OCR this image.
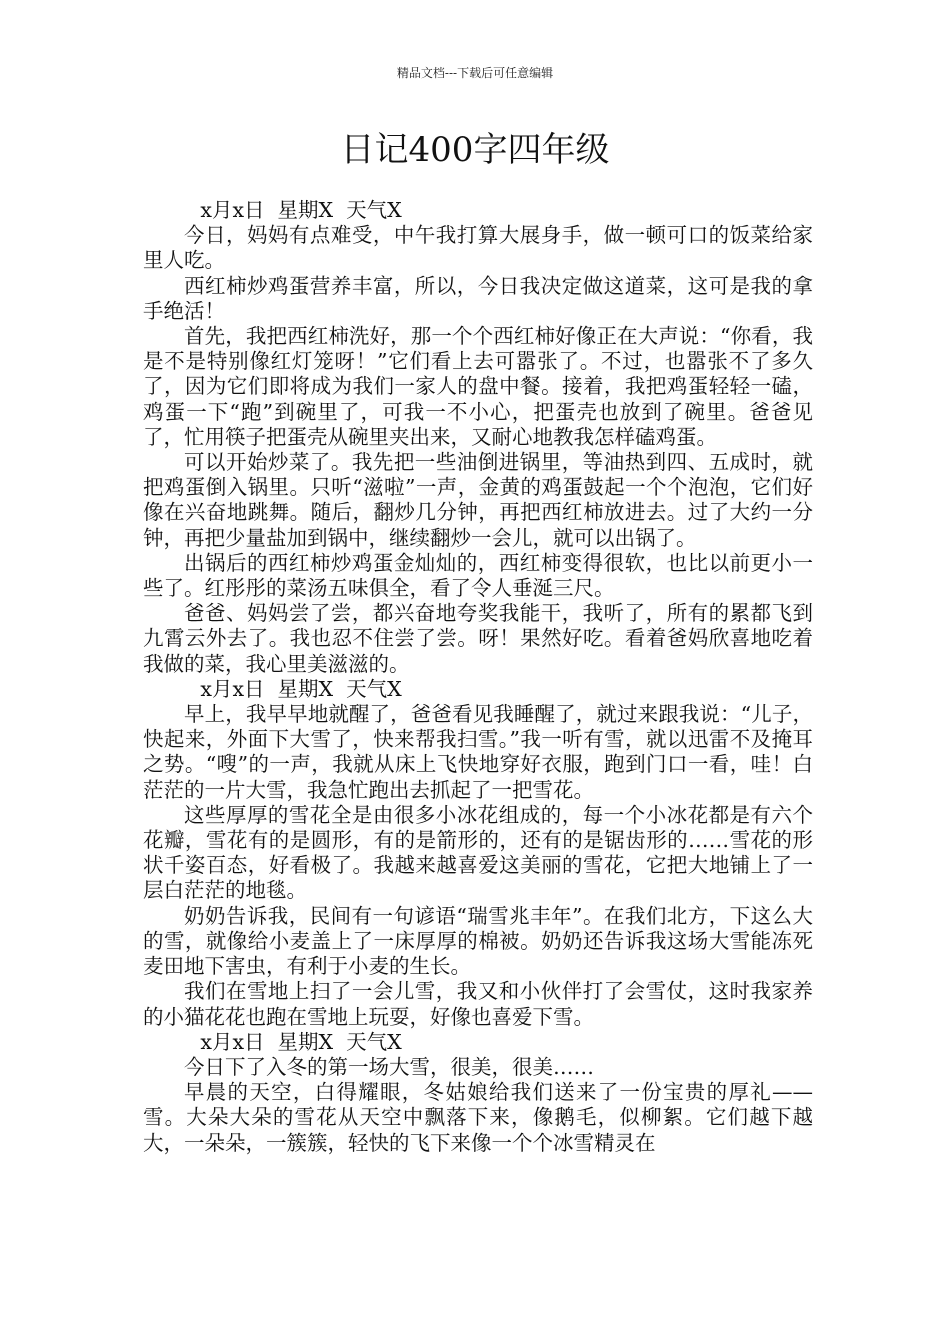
精品文档---下载后可任意编辑
日记400字四年级

x月x日  星期X  天气X

今日，妈妈有点难受，中午我打算大展身手，做一顿可口的饭菜给家里人吃。

西红柿炒鸡蛋营养丰富，所以，今日我决定做这道菜，这可是我的拿手绝活！

首先，我把西红柿洗好，那一个个西红柿好像正在大声说：“你看，我是不是特别像红灯笼呀！”它们看上去可嚣张了。不过，也嚣张不了多久了，因为它们即将成为我们一家人的盘中餐。接着，我把鸡蛋轻轻一磕，鸡蛋一下“跑”到碗里了，可我一不小心，把蛋壳也放到了碗里。爸爸见了，忙用筷子把蛋壳从碗里夹出来，又耐心地教我怎样磕鸡蛋。

可以开始炒菜了。我先把一些油倒进锅里，等油热到四、五成时，就把鸡蛋倒入锅里。只听“滋啦”一声，金黄的鸡蛋鼓起一个个泡泡，它们好像在兴奋地跳舞。随后，翻炒几分钟，再把西红柿放进去。过了大约一分钟，再把少量盐加到锅中，继续翻炒一会儿，就可以出锅了。

出锅后的西红柿炒鸡蛋金灿灿的，西红柿变得很软，也比以前更小一些了。红彤彤的菜汤五味俱全，看了令人垂涎三尺。

爸爸、妈妈尝了尝，都兴奋地夸奖我能干，我听了，所有的累都飞到九霄云外去了。我也忍不住尝了尝。呀！果然好吃。看着爸妈欣喜地吃着我做的菜，我心里美滋滋的。

x月x日  星期X  天气X

早上，我早早地就醒了，爸爸看见我睡醒了，就过来跟我说：“儿子，快起来，外面下大雪了，快来帮我扫雪。”我一听有雪，就以迅雷不及掩耳之势。“嗖”的一声，我就从床上飞快地穿好衣服，跑到门口一看，哇！白茫茫的一片大雪，我急忙跑出去抓起了一把雪花。

这些厚厚的雪花全是由很多小冰花组成的，每一个小冰花都是有六个花瓣，雪花有的是圆形，有的是箭形的，还有的是锯齿形的……雪花的形状千姿百态，好看极了。我越来越喜爱这美丽的雪花，它把大地铺上了一层白茫茫的地毯。

奶奶告诉我，民间有一句谚语“瑞雪兆丰年”。在我们北方，下这么大的雪，就像给小麦盖上了一床厚厚的棉被。奶奶还告诉我这场大雪能冻死麦田地下害虫，有利于小麦的生长。

我们在雪地上扫了一会儿雪，我又和小伙伴打了会雪仗，这时我家养的小猫花花也跑在雪地上玩耍，好像也喜爱下雪。

x月x日  星期X  天气X

今日下了入冬的第一场大雪，很美，很美……

早晨的天空，白得耀眼，冬姑娘给我们送来了一份宝贵的厚礼——雪。大朵大朵的雪花从天空中飘落下来，像鹅毛，似柳絮。它们越下越大，一朵朵，一簇簇，轻快的飞下来像一个个冰雪精灵在
